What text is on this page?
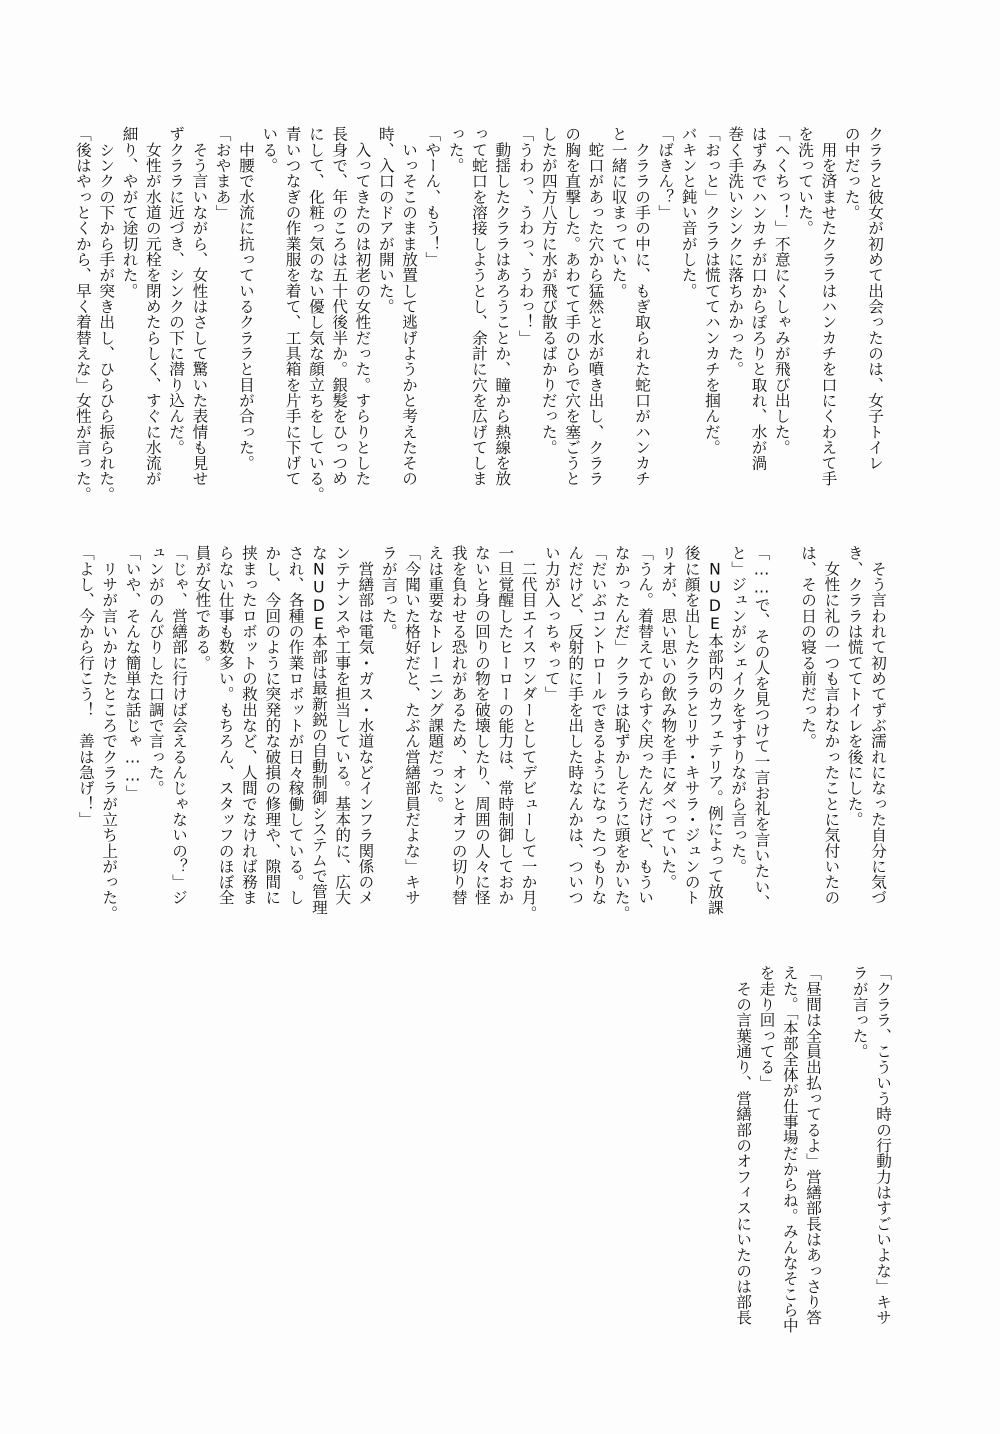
クララと彼女が初めて出会ったのは、女子トイレ
の中だった。
　用を済ませたクララはハンカチを口にくわえて手
を洗っていた。
「へくちっ！」不意にくしゃみが飛び出した。
はずみでハンカチが口からぽろりと取れ、水が渦
巻く手洗いシンクに落ちかかった。
「おっと」クララは慌ててハンカチを掴んだ。
バキンと鈍い音がした。
「ばきん？」
　クララの手の中に、もぎ取られた蛇口がハンカチ
と一緒に収まっていた。
　蛇口があった穴から猛然と水が噴き出し、クララ
の胸を直撃した。あわてて手のひらで穴を塞ごうと
したが四方八方に水が飛び散るばかりだった。
「うわっ、うわっ、うわっ！」
　動揺したクララはあろうことか、瞳から熱線を放
って蛇口を溶接しようとし、余計に穴を広げてしま
った。
「やーん、もう！」
　いっそこのまま放置して逃げようかと考えたその
時、入口のドアが開いた。
　入ってきたのは初老の女性だった。すらりとした
長身で、年のころは五十代後半か。銀髪をひっつめ
にして、化粧っ気のない優し気な顔立ちをしている。
青いつなぎの作業服を着て、工具箱を片手に下げて
いる。
　中腰で水流に抗っているクララと目が合った。
「おやまあ」
　そう言いながら、女性はさして驚いた表情も見せ
ずクララに近づき、シンクの下に潜り込んだ。
　女性が水道の元栓を閉めたらしく、すぐに水流が
細り、やがて途切れた。
　シンクの下から手が突き出し、ひらひら振られた。
「後はやっとくから、早く着替えな」女性が言った。
　そう言われて初めてずぶ濡れになった自分に気づ
き、クララは慌ててトイレを後にした。
　女性に礼の一つも言わなかったことに気付いたの
は、その日の寝る前だった。
「……で、その人を見つけて一言お礼を言いたい、
と」ジュンがシェイクをすすりながら言った。
　NUDE本部内のカフェテリア。例によって放課
後に顔を出したクララとリサ・キサラ・ジュンのト
リオが、思い思いの飲み物を手にダベっていた。
「うん。着替えてからすぐ戻ったんだけど、もうい
なかったんだ」クララは恥ずかしそうに頭をかいた。
「だいぶコントロールできるようになったつもりな
んだけど、反射的に手を出した時なんかは、ついつ
い力が入っちゃって」
　二代目エイスワンダーとしてデビューして一か月。
一旦覚醒したヒーローの能力は、常時制御しておか
ないと身の回りの物を破壊したり、周囲の人々に怪
我を負わせる恐れがあるため、オンとオフの切り替
えは重要なトレーニング課題だった。
「今聞いた格好だと、たぶん営繕部員だよな」キサ
ラが言った。
　営繕部は電気・ガス・水道などインフラ関係のメ
ンテナンスや工事を担当している。基本的に、広大
なNUDE本部は最新鋭の自動制御システムで管理
され、各種の作業ロボットが日々稼働している。し
かし、今回のように突発的な破損の修理や、隙間に
挟まったロボットの救出など、人間でなければ務ま
らない仕事も数多い。もちろん、スタッフのほぼ全
員が女性である。
「じゃ、営繕部に行けば会えるんじゃないの？」ジ
ュンがのんびりした口調で言った。
「いや、そんな簡単な話じゃ……」
　リサが言いかけたところでクララが立ち上がった。
「よし、今から行こう！　善は急げ！」
「クララ、こういう時の行動力はすごいよな」キサ
ラが言った。
「昼間は全員出払ってるよ」営繕部長はあっさり答
えた。「本部全体が仕事場だからね。みんなそこら中
を走り回ってる」
　その言葉通り、営繕部のオフィスにいたのは部長
